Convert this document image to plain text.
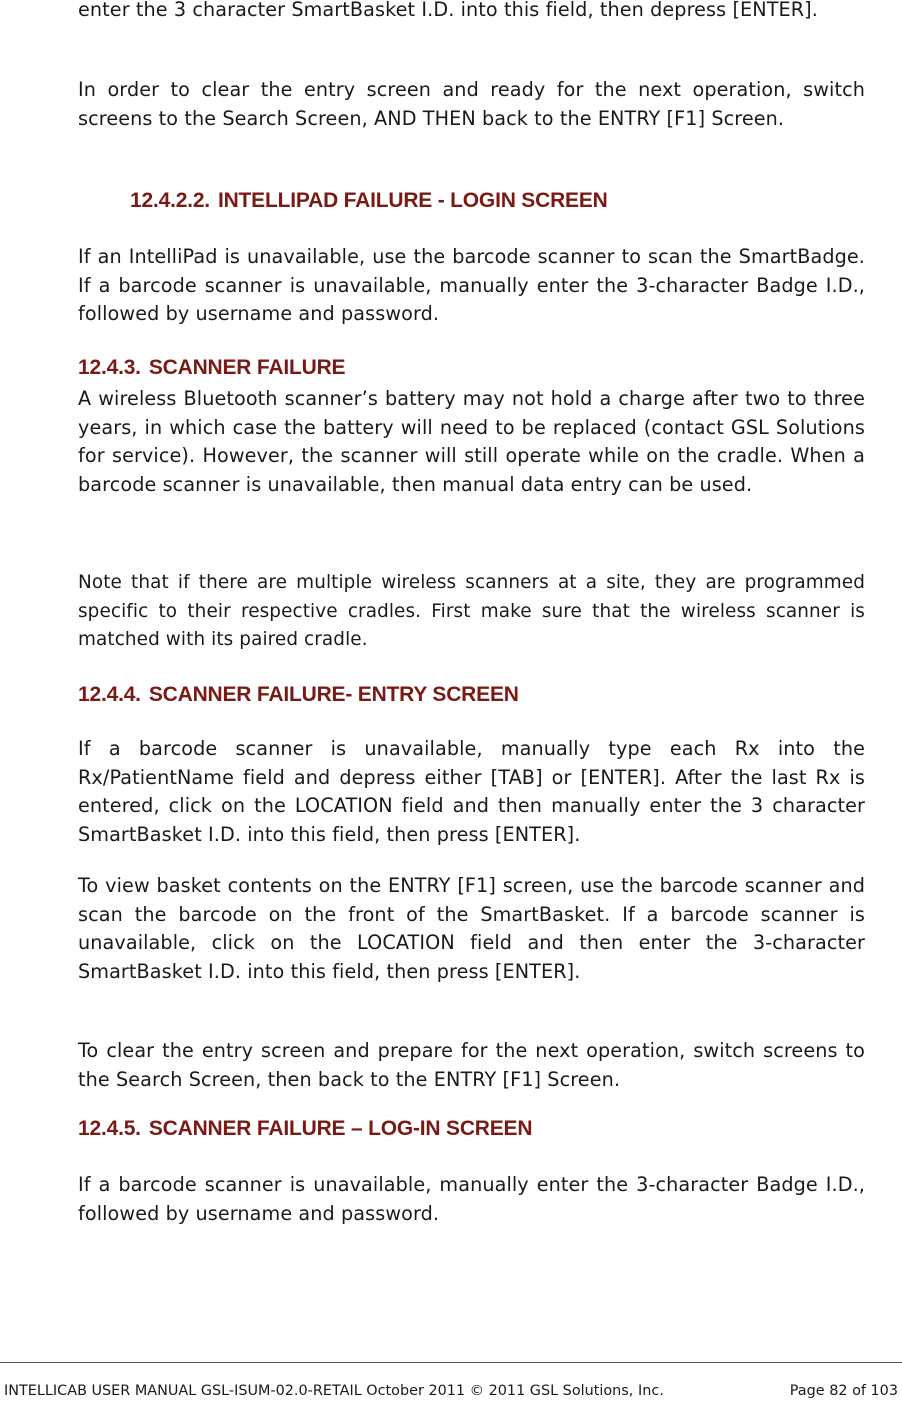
enter the 3 character SmartBasket I.D. into this field, then depress [ENTER].

In order to clear the entry screen and ready for the next operation, switch screens to the Search Screen, AND THEN back to the ENTRY [F1] Screen.

12.4.2.2. INTELLIPAD FAILURE - LOGIN SCREEN

If an IntelliPad is unavailable, use the barcode scanner to scan the SmartBadge. If a barcode scanner is unavailable, manually enter the 3-character Badge I.D., followed by username and password.

12.4.3. SCANNER FAILURE

A wireless Bluetooth scanner’s battery may not hold a charge after two to three years, in which case the battery will need to be replaced (contact GSL Solutions for service). However, the scanner will still operate while on the cradle. When a barcode scanner is unavailable, then manual data entry can be used.

Note that if there are multiple wireless scanners at a site, they are programmed specific to their respective cradles. First make sure that the wireless scanner is matched with its paired cradle.

12.4.4. SCANNER FAILURE- ENTRY SCREEN

If a barcode scanner is unavailable, manually type each Rx into the Rx/PatientName field and depress either [TAB] or [ENTER]. After the last Rx is entered, click on the LOCATION field and then manually enter the 3 character SmartBasket I.D. into this field, then press [ENTER].

To view basket contents on the ENTRY [F1] screen, use the barcode scanner and scan the barcode on the front of the SmartBasket. If a barcode scanner is unavailable, click on the LOCATION field and then enter the 3-character SmartBasket I.D. into this field, then press [ENTER].

To clear the entry screen and prepare for the next operation, switch screens to the Search Screen, then back to the ENTRY [F1] Screen.

12.4.5. SCANNER FAILURE – LOG-IN SCREEN

If a barcode scanner is unavailable, manually enter the 3-character Badge I.D., followed by username and password.

INTELLICAB USER MANUAL GSL-ISUM-02.0-RETAIL October 2011 © 2011 GSL Solutions, Inc.	Page 82 of 103
